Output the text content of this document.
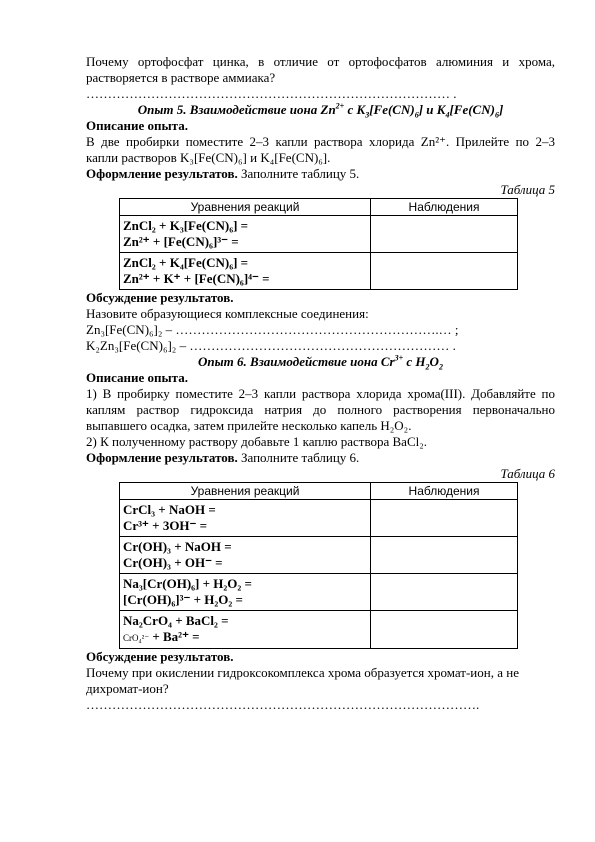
Почему ортофосфат цинка, в отличие от ортофосфатов алюминия и хрома, растворяется в растворе аммиака?

………………………………………………………………………… .

Опыт 5. Взаимодействие иона $Zn^{2+}$ с $K_3[Fe(CN)_6]$ и $K_4[Fe(CN)_6]$

Описание опыта.

В две пробирки поместите 2–3 капли раствора хлорида Zn²⁺. Прилейте по 2–3 капли растворов K₃[Fe(CN)₆] и K₄[Fe(CN)₆].

Оформление результатов. Заполните таблицу 5.

Таблица 5

Уравнения реакций	Наблюдения

ZnCl₂ + K₃[Fe(CN)₆] =
Zn²⁺ + [Fe(CN)₆]³⁻ =	

ZnCl₂ + K₄[Fe(CN)₆] =
Zn²⁺ + K⁺ + [Fe(CN)₆]⁴⁻ =	

Обсуждение результатов.

Назовите образующиеся комплексные соединения:

Zn₃[Fe(CN)₆]₂ – …………………………………………………….… ;

K₂Zn₃[Fe(CN)₆]₂ – …………………………………………………… .

Опыт 6. Взаимодействие иона $Cr^{3+}$ с $H_2O_2$

Описание опыта.

1) В пробирку поместите 2–3 капли раствора хлорида хрома(III). Добавляйте по каплям раствор гидроксида натрия до полного растворения первоначально выпавшего осадка, затем прилейте несколько капель H₂O₂.

2) К полученному раствору добавьте 1 каплю раствора BaCl₂.

Оформление результатов. Заполните таблицу 6.

Таблица 6

Уравнения реакций	Наблюдения

CrCl₃ + NaOH =
Cr³⁺ + 3OH⁻ =	

Cr(OH)₃ + NaOH =
Cr(OH)₃ + OH⁻ =	

Na₃[Cr(OH)₆] + H₂O₂ =
[Cr(OH)₆]³⁻ + H₂O₂ =	

Na₂CrO₄ + BaCl₂ =
CrO₄²⁻ + Ba²⁺ =	

Обсуждение результатов.

Почему при окислении гидроксокомплекса хрома образуется хромат-ион, а не дихромат-ион?

……………………………………………………………………………….
